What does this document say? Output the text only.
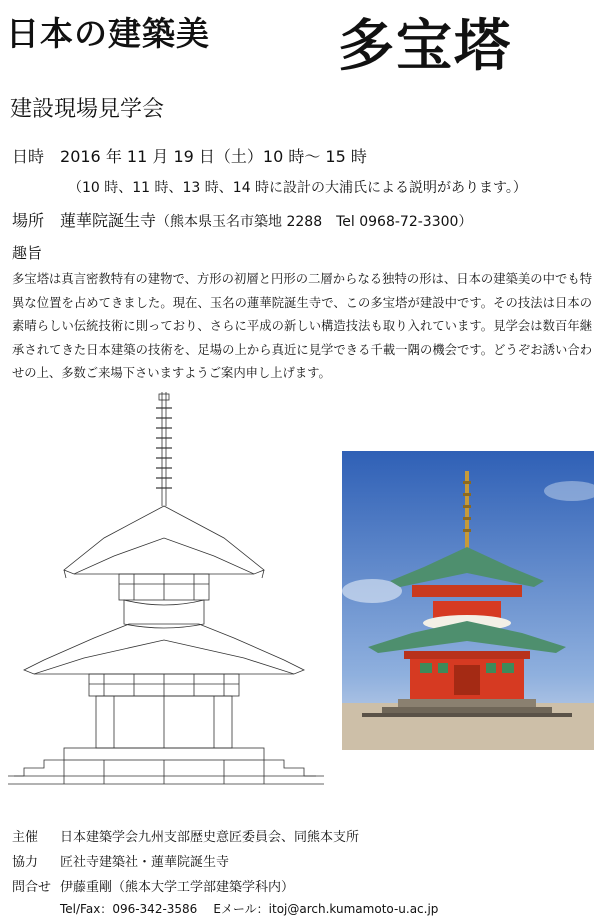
日本の建築美 多宝塔
建設現場見学会
日時 2016 年 11 月 19 日（土）10 時～ 15 時
（10 時、11 時、13 時、14 時に設計の大浦氏による説明があります。）
場所 蓮華院誕生寺（熊本県玉名市築地 2288　Tel 0968-72-3300）
趣旨
多宝塔は真言密教特有の建物で、方形の初層と円形の二層からなる独特の形は、日本の建築美の中でも特異な位置を占めてきました。現在、玉名の蓮華院誕生寺で、この多宝塔が建設中です。その技法は日本の素晴らしい伝統技術に則っており、さらに平成の新しい構造技法も取り入れています。見学会は数百年継承されてきた日本建築の技術を、足場の上から真近に見学できる千載一隅の機会です。どうぞお誘い合わせの上、多数ご来場下さいますようご案内申し上げます。
主催 日本建築学会九州支部歴史意匠委員会、同熊本支所
協力 匠社寺建築社・蓮華院誕生寺
問合せ 伊藤重剛（熊本大学工学部建築学科内）
Tel/Fax：096-342-3586 Eメール：itoj@arch.kumamoto-u.ac.jp
